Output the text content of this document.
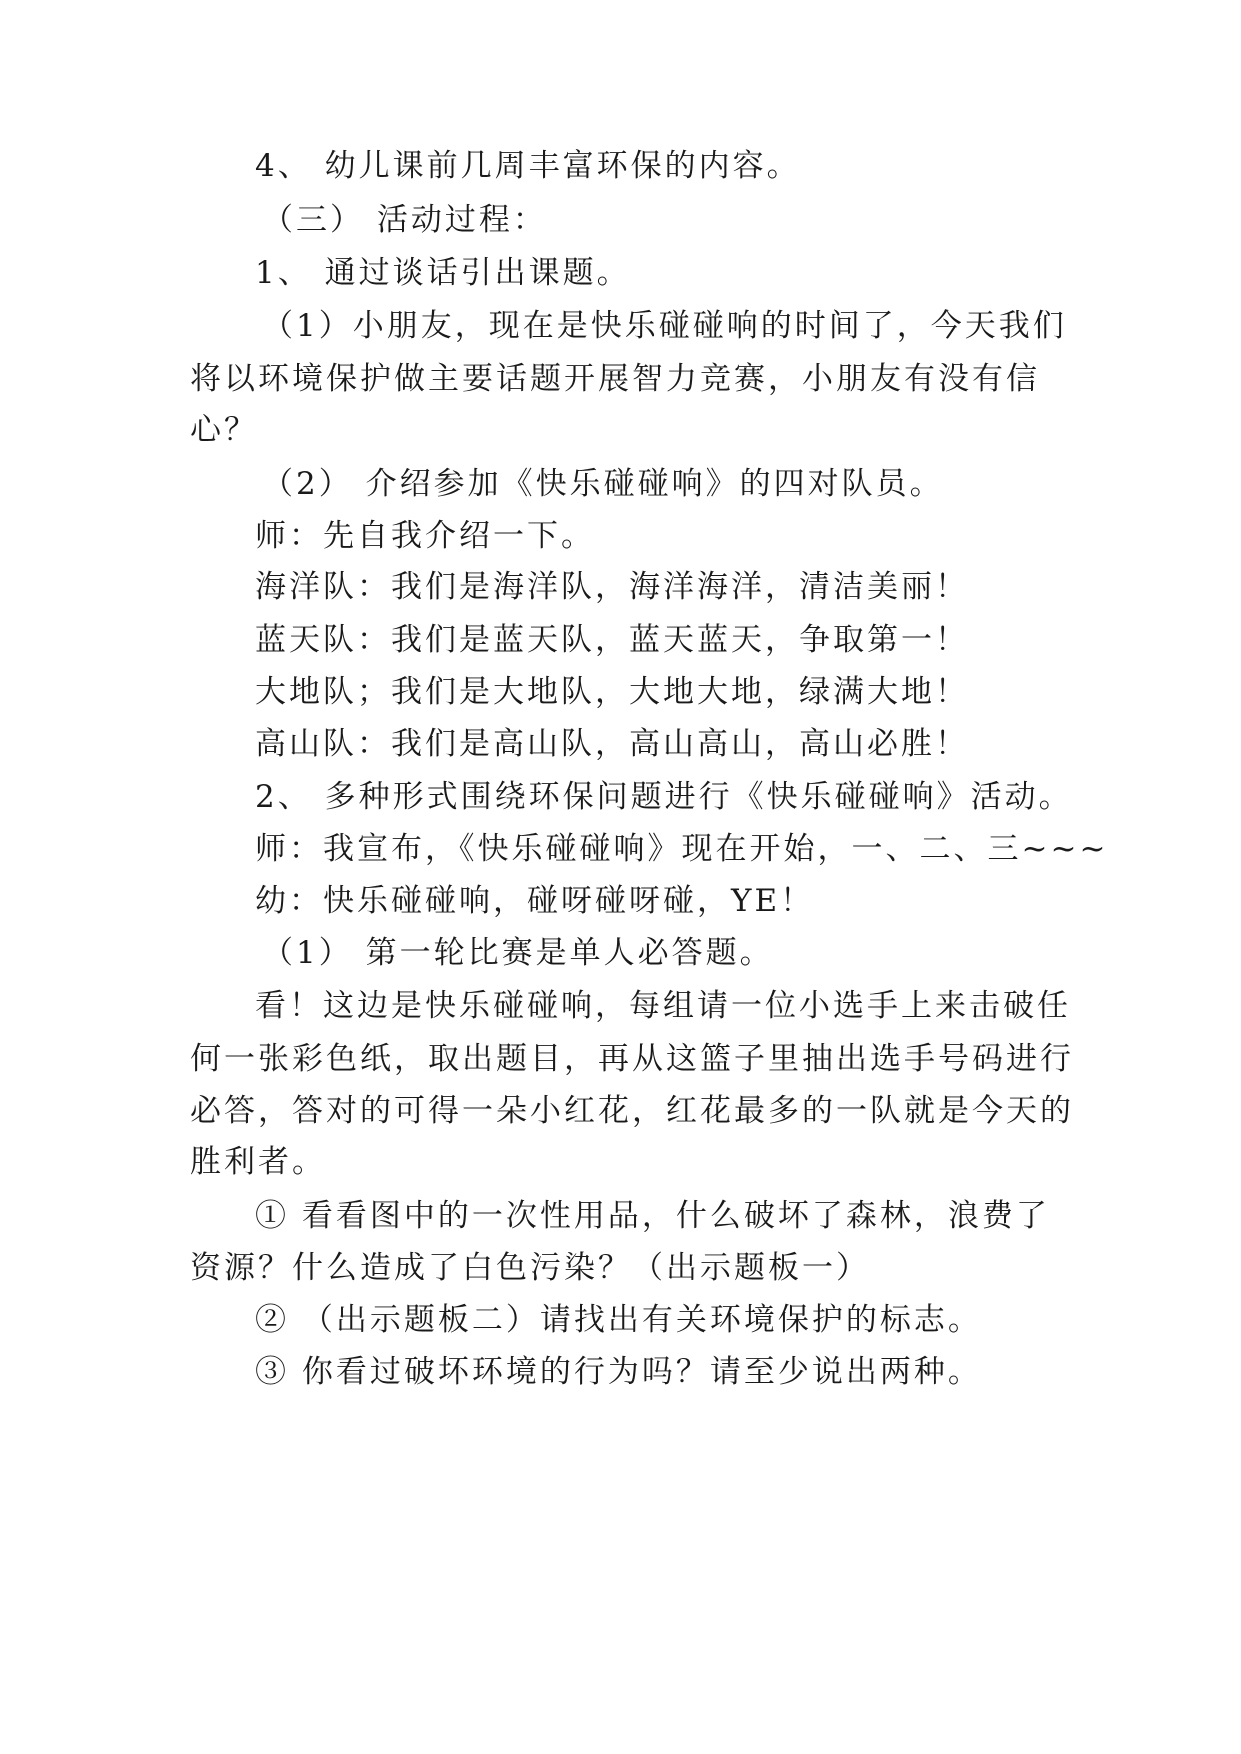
4、 幼儿课前几周丰富环保的内容。
（三） 活动过程：
1、 通过谈话引出课题。
（1）小朋友，现在是快乐碰碰响的时间了，今天我们
将以环境保护做主要话题开展智力竞赛，小朋友有没有信
心？
（2） 介绍参加《快乐碰碰响》的四对队员。
师：先自我介绍一下。
海洋队：我们是海洋队，海洋海洋，清洁美丽！
蓝天队：我们是蓝天队，蓝天蓝天，争取第一！
大地队；我们是大地队，大地大地，绿满大地！
高山队：我们是高山队，高山高山，高山必胜！
2、 多种形式围绕环保问题进行《快乐碰碰响》活动。
师：我宣布，《快乐碰碰响》现在开始，一、二、三~~~
幼：快乐碰碰响，碰呀碰呀碰，YE！
（1） 第一轮比赛是单人必答题。
看！这边是快乐碰碰响，每组请一位小选手上来击破任
何一张彩色纸，取出题目，再从这篮子里抽出选手号码进行
必答，答对的可得一朵小红花，红花最多的一队就是今天的
胜利者。
① 看看图中的一次性用品，什么破坏了森林，浪费了
资源？什么造成了白色污染？（出示题板一）
② （出示题板二）请找出有关环境保护的标志。
③ 你看过破坏环境的行为吗？请至少说出两种。
